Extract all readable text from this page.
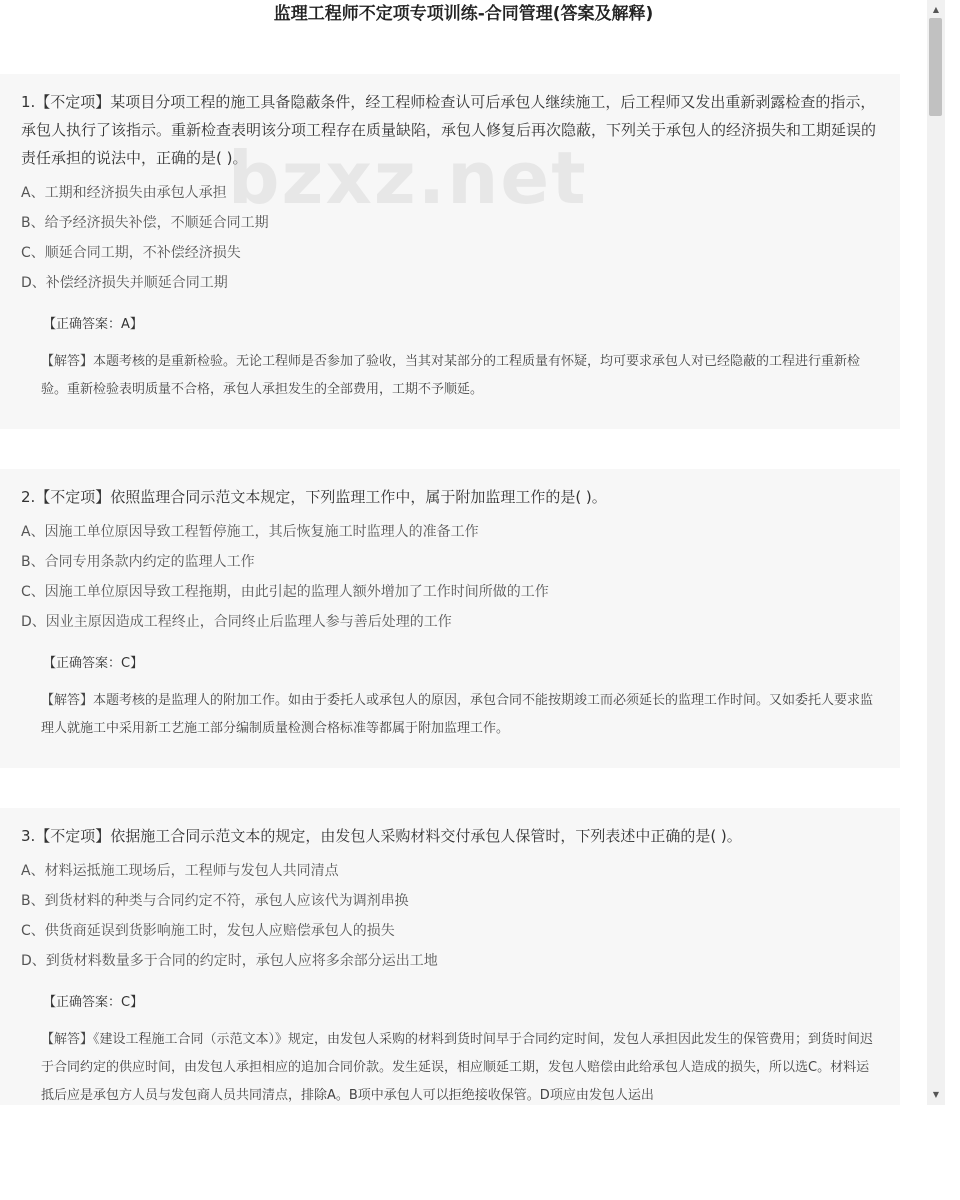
监理工程师不定项专项训练-合同管理(答案及解释)

1.【不定项】某项目分项工程的施工具备隐蔽条件，经工程师检查认可后承包人继续施工，后工程师又发出重新剥露检查的指示，承包人执行了该指示。重新检查表明该分项工程存在质量缺陷，承包人修复后再次隐蔽，下列关于承包人的经济损失和工期延误的责任承担的说法中，正确的是( )。

A、工期和经济损失由承包人承担

B、给予经济损失补偿，不顺延合同工期

C、顺延合同工期，不补偿经济损失

D、补偿经济损失并顺延合同工期

【正确答案：A】

【解答】本题考核的是重新检验。无论工程师是否参加了验收，当其对某部分的工程质量有怀疑，均可要求承包人对已经隐蔽的工程进行重新检验。重新检验表明质量不合格，承包人承担发生的全部费用，工期不予顺延。

2.【不定项】依照监理合同示范文本规定，下列监理工作中，属于附加监理工作的是( )。

A、因施工单位原因导致工程暂停施工，其后恢复施工时监理人的准备工作

B、合同专用条款内约定的监理人工作

C、因施工单位原因导致工程拖期，由此引起的监理人额外增加了工作时间所做的工作

D、因业主原因造成工程终止，合同终止后监理人参与善后处理的工作

【正确答案：C】

【解答】本题考核的是监理人的附加工作。如由于委托人或承包人的原因，承包合同不能按期竣工而必须延长的监理工作时间。又如委托人要求监理人就施工中采用新工艺施工部分编制质量检测合格标准等都属于附加监理工作。

3.【不定项】依据施工合同示范文本的规定，由发包人采购材料交付承包人保管时，下列表述中正确的是( )。

A、材料运抵施工现场后，工程师与发包人共同清点

B、到货材料的种类与合同约定不符，承包人应该代为调剂串换

C、供货商延误到货影响施工时，发包人应赔偿承包人的损失

D、到货材料数量多于合同的约定时，承包人应将多余部分运出工地

【正确答案：C】

【解答】《建设工程施工合同（示范文本）》规定，由发包人采购的材料到货时间早于合同约定时间，发包人承担因此发生的保管费用；到货时间迟于合同约定的供应时间，由发包人承担相应的追加合同价款。发生延误，相应顺延工期，发包人赔偿由此给承包人造成的损失，所以选C。材料运抵后应是承包方人员与发包商人员共同清点，排除A。B项中承包人可以拒绝接收保管。D项应由发包人运出

bzxz.net
▲
▼
